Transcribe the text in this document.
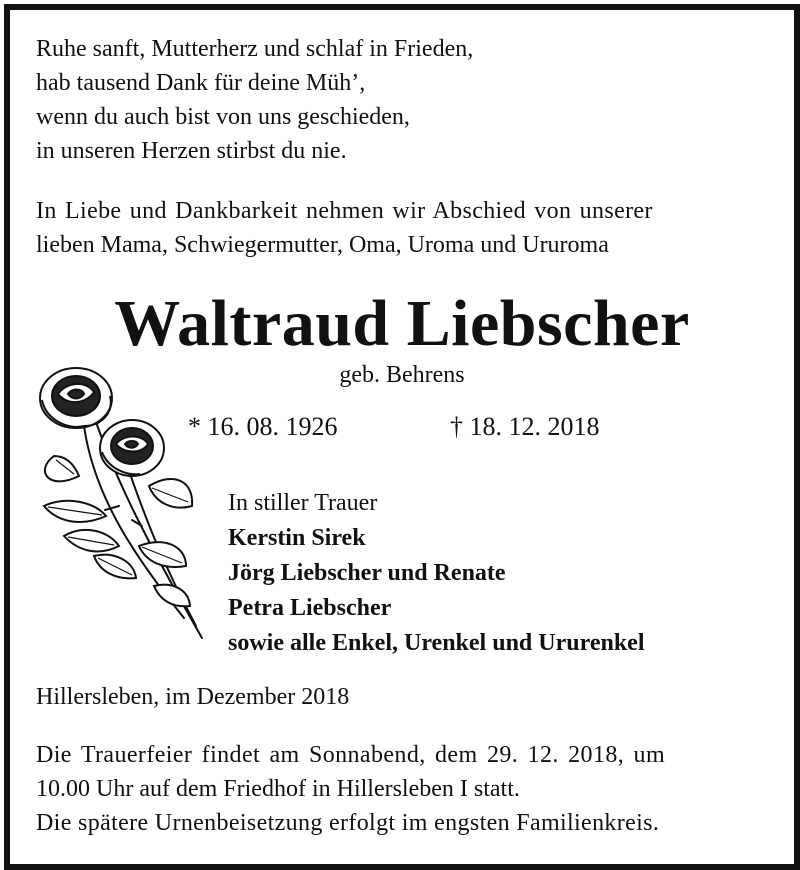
Ruhe sanft, Mutterherz und schlaf in Frieden,
hab tausend Dank für deine Müh’,
wenn du auch bist von uns geschieden,
in unseren Herzen stirbst du nie.
In Liebe und Dankbarkeit nehmen wir Abschied von unserer
lieben Mama, Schwiegermutter, Oma, Uroma und Ururoma
Waltraud Liebscher
geb. Behrens
* 16. 08. 1926	† 18. 12. 2018
In stiller Trauer
Kerstin Sirek
Jörg Liebscher und Renate
Petra Liebscher
sowie alle Enkel, Urenkel und Ururenkel
Hillersleben, im Dezember 2018
Die Trauerfeier findet am Sonnabend, dem 29. 12. 2018, um
10.00 Uhr auf dem Friedhof in Hillersleben I statt.
Die spätere Urnenbeisetzung erfolgt im engsten Familienkreis.
